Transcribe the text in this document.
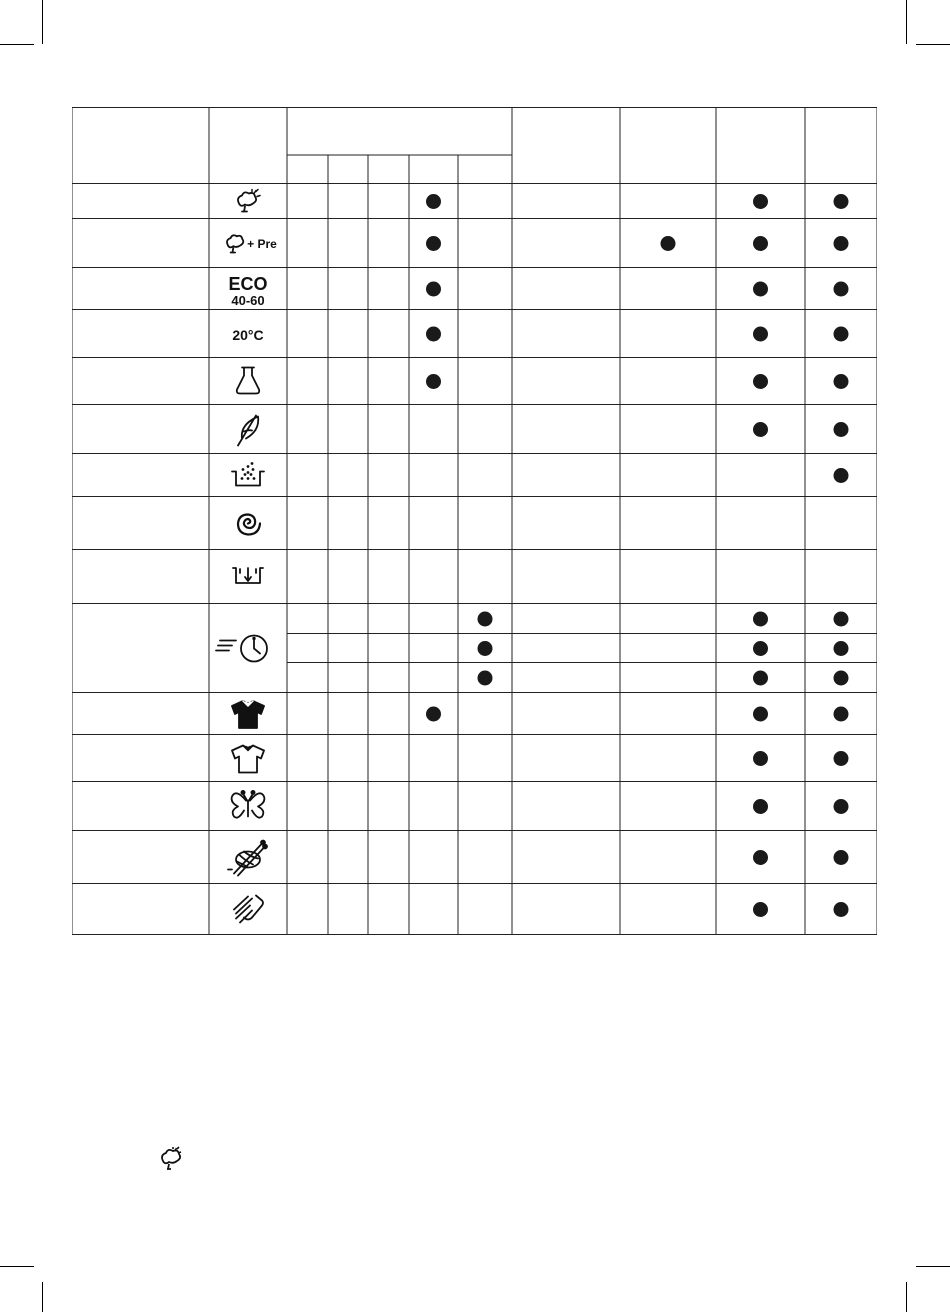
+ Pre
ECO
40-60
20°C
